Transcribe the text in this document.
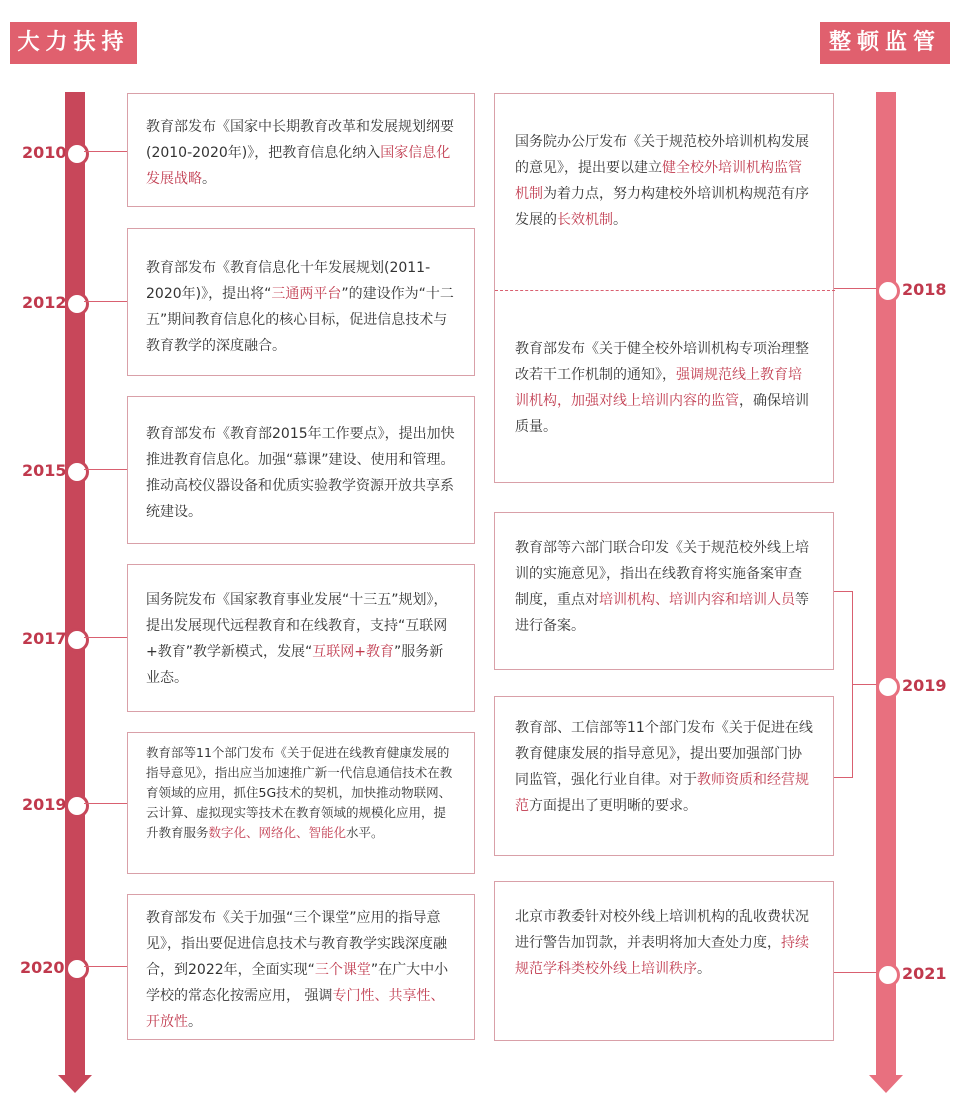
大力扶持	整顿监管
2010

教育部发布《国家中长期教育改革和发展规划纲要(2010-2020年)》，把教育信息化纳入国家信息化发展战略。

2012

教育部发布《教育信息化十年发展规划(2011-2020年)》，提出将“三通两平台”的建设作为“十二五”期间教育信息化的核心目标，促进信息技术与教育教学的深度融合。

2015

教育部发布《教育部2015年工作要点》，提出加快推进教育信息化。加强“慕课”建设、使用和管理。推动高校仪器设备和优质实验教学资源开放共享系统建设。

2017

国务院发布《国家教育事业发展“十三五”规划》，提出发展现代远程教育和在线教育，支持“互联网+教育”教学新模式，发展“互联网+教育”服务新业态。

2019

教育部等11个部门发布《关于促进在线教育健康发展的指导意见》，指出应当加速推广新一代信息通信技术在教育领域的应用，抓住5G技术的契机，加快推动物联网、云计算、虚拟现实等技术在教育领域的规模化应用，提升教育服务数字化、网络化、智能化水平。

2020

教育部发布《关于加强“三个课堂”应用的指导意见》，指出要促进信息技术与教育教学实践深度融合，到2022年，全面实现“三个课堂”在广大中小学校的常态化按需应用， 强调专门性、共享性、开放性。

国务院办公厅发布《关于规范校外培训机构发展的意见》，提出要以建立健全校外培训机构监管机制为着力点，努力构建校外培训机构规范有序发展的长效机制。

教育部发布《关于健全校外培训机构专项治理整改若干工作机制的通知》，强调规范线上教育培训机构，加强对线上培训内容的监管，确保培训质量。

2018

教育部等六部门联合印发《关于规范校外线上培训的实施意见》，指出在线教育将实施备案审查制度，重点对培训机构、培训内容和培训人员等进行备案。

教育部、工信部等11个部门发布《关于促进在线教育健康发展的指导意见》，提出要加强部门协同监管，强化行业自律。对于教师资质和经营规范方面提出了更明晰的要求。

2019

北京市教委针对校外线上培训机构的乱收费状况进行警告加罚款，并表明将加大查处力度，持续规范学科类校外线上培训秩序。	2021
